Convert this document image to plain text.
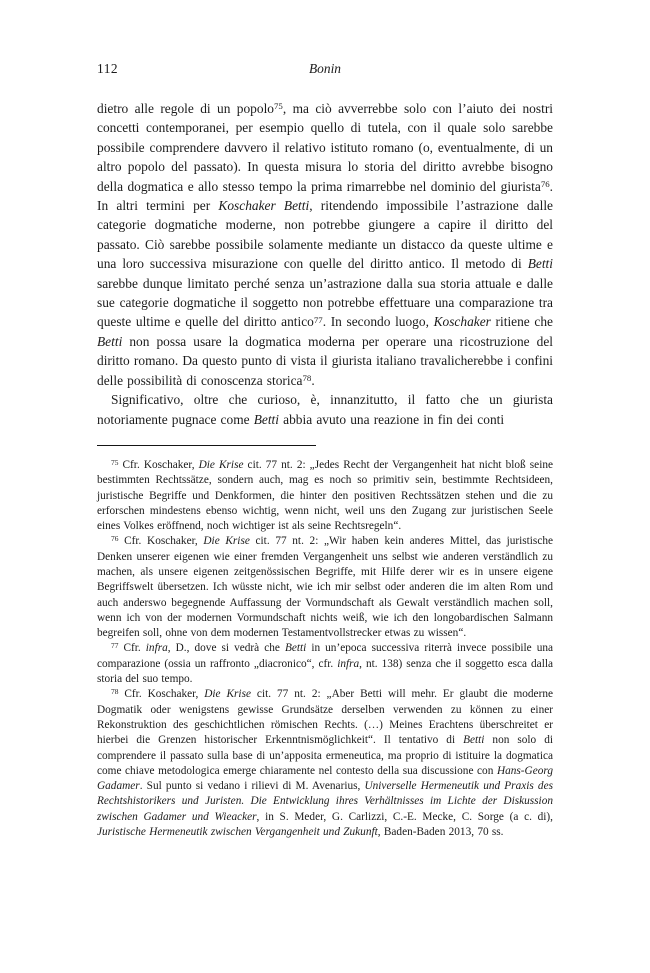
112	Bonin

dietro alle regole di un popolo$^{75}$, ma ciò avverrebbe solo con l’aiuto dei nostri concetti contemporanei, per esempio quello di tutela, con il quale solo sarebbe possibile comprendere davvero il relativo istituto romano (o, eventualmente, di un altro popolo del passato). In questa misura lo storia del diritto avrebbe bisogno della dogmatica e allo stesso tempo la prima rimarrebbe nel dominio del giurista$^{76}$. In altri termini per Koschaker Betti, ritendendo impossibile l’astrazione dalle categorie dogmatiche moderne, non potrebbe giungere a capire il diritto del passato. Ciò sarebbe possibile solamente mediante un distacco da queste ultime e una loro successiva misurazione con quelle del diritto antico. Il metodo di Betti sarebbe dunque limitato perché senza un’astrazione dalla sua storia attuale e dalle sue categorie dogmatiche il soggetto non potrebbe effettuare una comparazione tra queste ultime e quelle del diritto antico$^{77}$. In secondo luogo, Koschaker ritiene che Betti non possa usare la dogmatica moderna per operare una ricostruzione del diritto romano. Da questo punto di vista il giurista italiano travalicherebbe i confini delle possibilità di conoscenza storica$^{78}$.

Significativo, oltre che curioso, è, innanzitutto, il fatto che un giurista notoriamente pugnace come Betti abbia avuto una reazione in fin dei conti

$^{75}$ Cfr. Koschaker, Die Krise cit. 77 nt. 2: „Jedes Recht der Vergangenheit hat nicht bloß seine bestimmten Rechtssätze, sondern auch, mag es noch so primitiv sein, bestimmte Rechtsideen, juristische Begriffe und Denkformen, die hinter den positiven Rechtssätzen stehen und die zu erforschen mindestens ebenso wichtig, wenn nicht, weil uns den Zugang zur juristischen Seele eines Volkes eröffnend, noch wichtiger ist als seine Rechtsregeln“.

$^{76}$ Cfr. Koschaker, Die Krise cit. 77 nt. 2: „Wir haben kein anderes Mittel, das juristische Denken unserer eigenen wie einer fremden Vergangenheit uns selbst wie anderen verständlich zu machen, als unsere eigenen zeitgenössischen Begriffe, mit Hilfe derer wir es in unsere eigene Begriffswelt übersetzen. Ich wüsste nicht, wie ich mir selbst oder anderen die im alten Rom und auch anderswo begegnende Auffassung der Vormundschaft als Gewalt verständlich machen soll, wenn ich von der modernen Vormundschaft nichts weiß, wie ich den longobardischen Salmann begreifen soll, ohne von dem modernen Testamentvollstrecker etwas zu wissen“.

$^{77}$ Cfr. infra, D., dove si vedrà che Betti in un’epoca successiva riterrà invece possibile una comparazione (ossia un raffronto „diacronico“, cfr. infra, nt. 138) senza che il soggetto esca dalla storia del suo tempo.

$^{78}$ Cfr. Koschaker, Die Krise cit. 77 nt. 2: „Aber Betti will mehr. Er glaubt die moderne Dogmatik oder wenigstens gewisse Grundsätze derselben verwenden zu können zu einer Rekonstruktion des geschichtlichen römischen Rechts. (…) Meines Erachtens überschreitet er hierbei die Grenzen historischer Erkenntnismöglichkeit“. Il tentativo di Betti non solo di comprendere il passato sulla base di un’apposita ermeneutica, ma proprio di istituire la dogmatica come chiave metodologica emerge chiaramente nel contesto della sua discussione con Hans-Georg Gadamer. Sul punto si vedano i rilievi di M. Avenarius, Universelle Hermeneutik und Praxis des Rechtshistorikers und Juristen. Die Entwicklung ihres Verhältnisses im Lichte der Diskussion zwischen Gadamer und Wieacker, in S. Meder, G. Carlizzi, C.-E. Mecke, C. Sorge (a c. di), Juristische Hermeneutik zwischen Vergangenheit und Zukunft, Baden-Baden 2013, 70 ss.
